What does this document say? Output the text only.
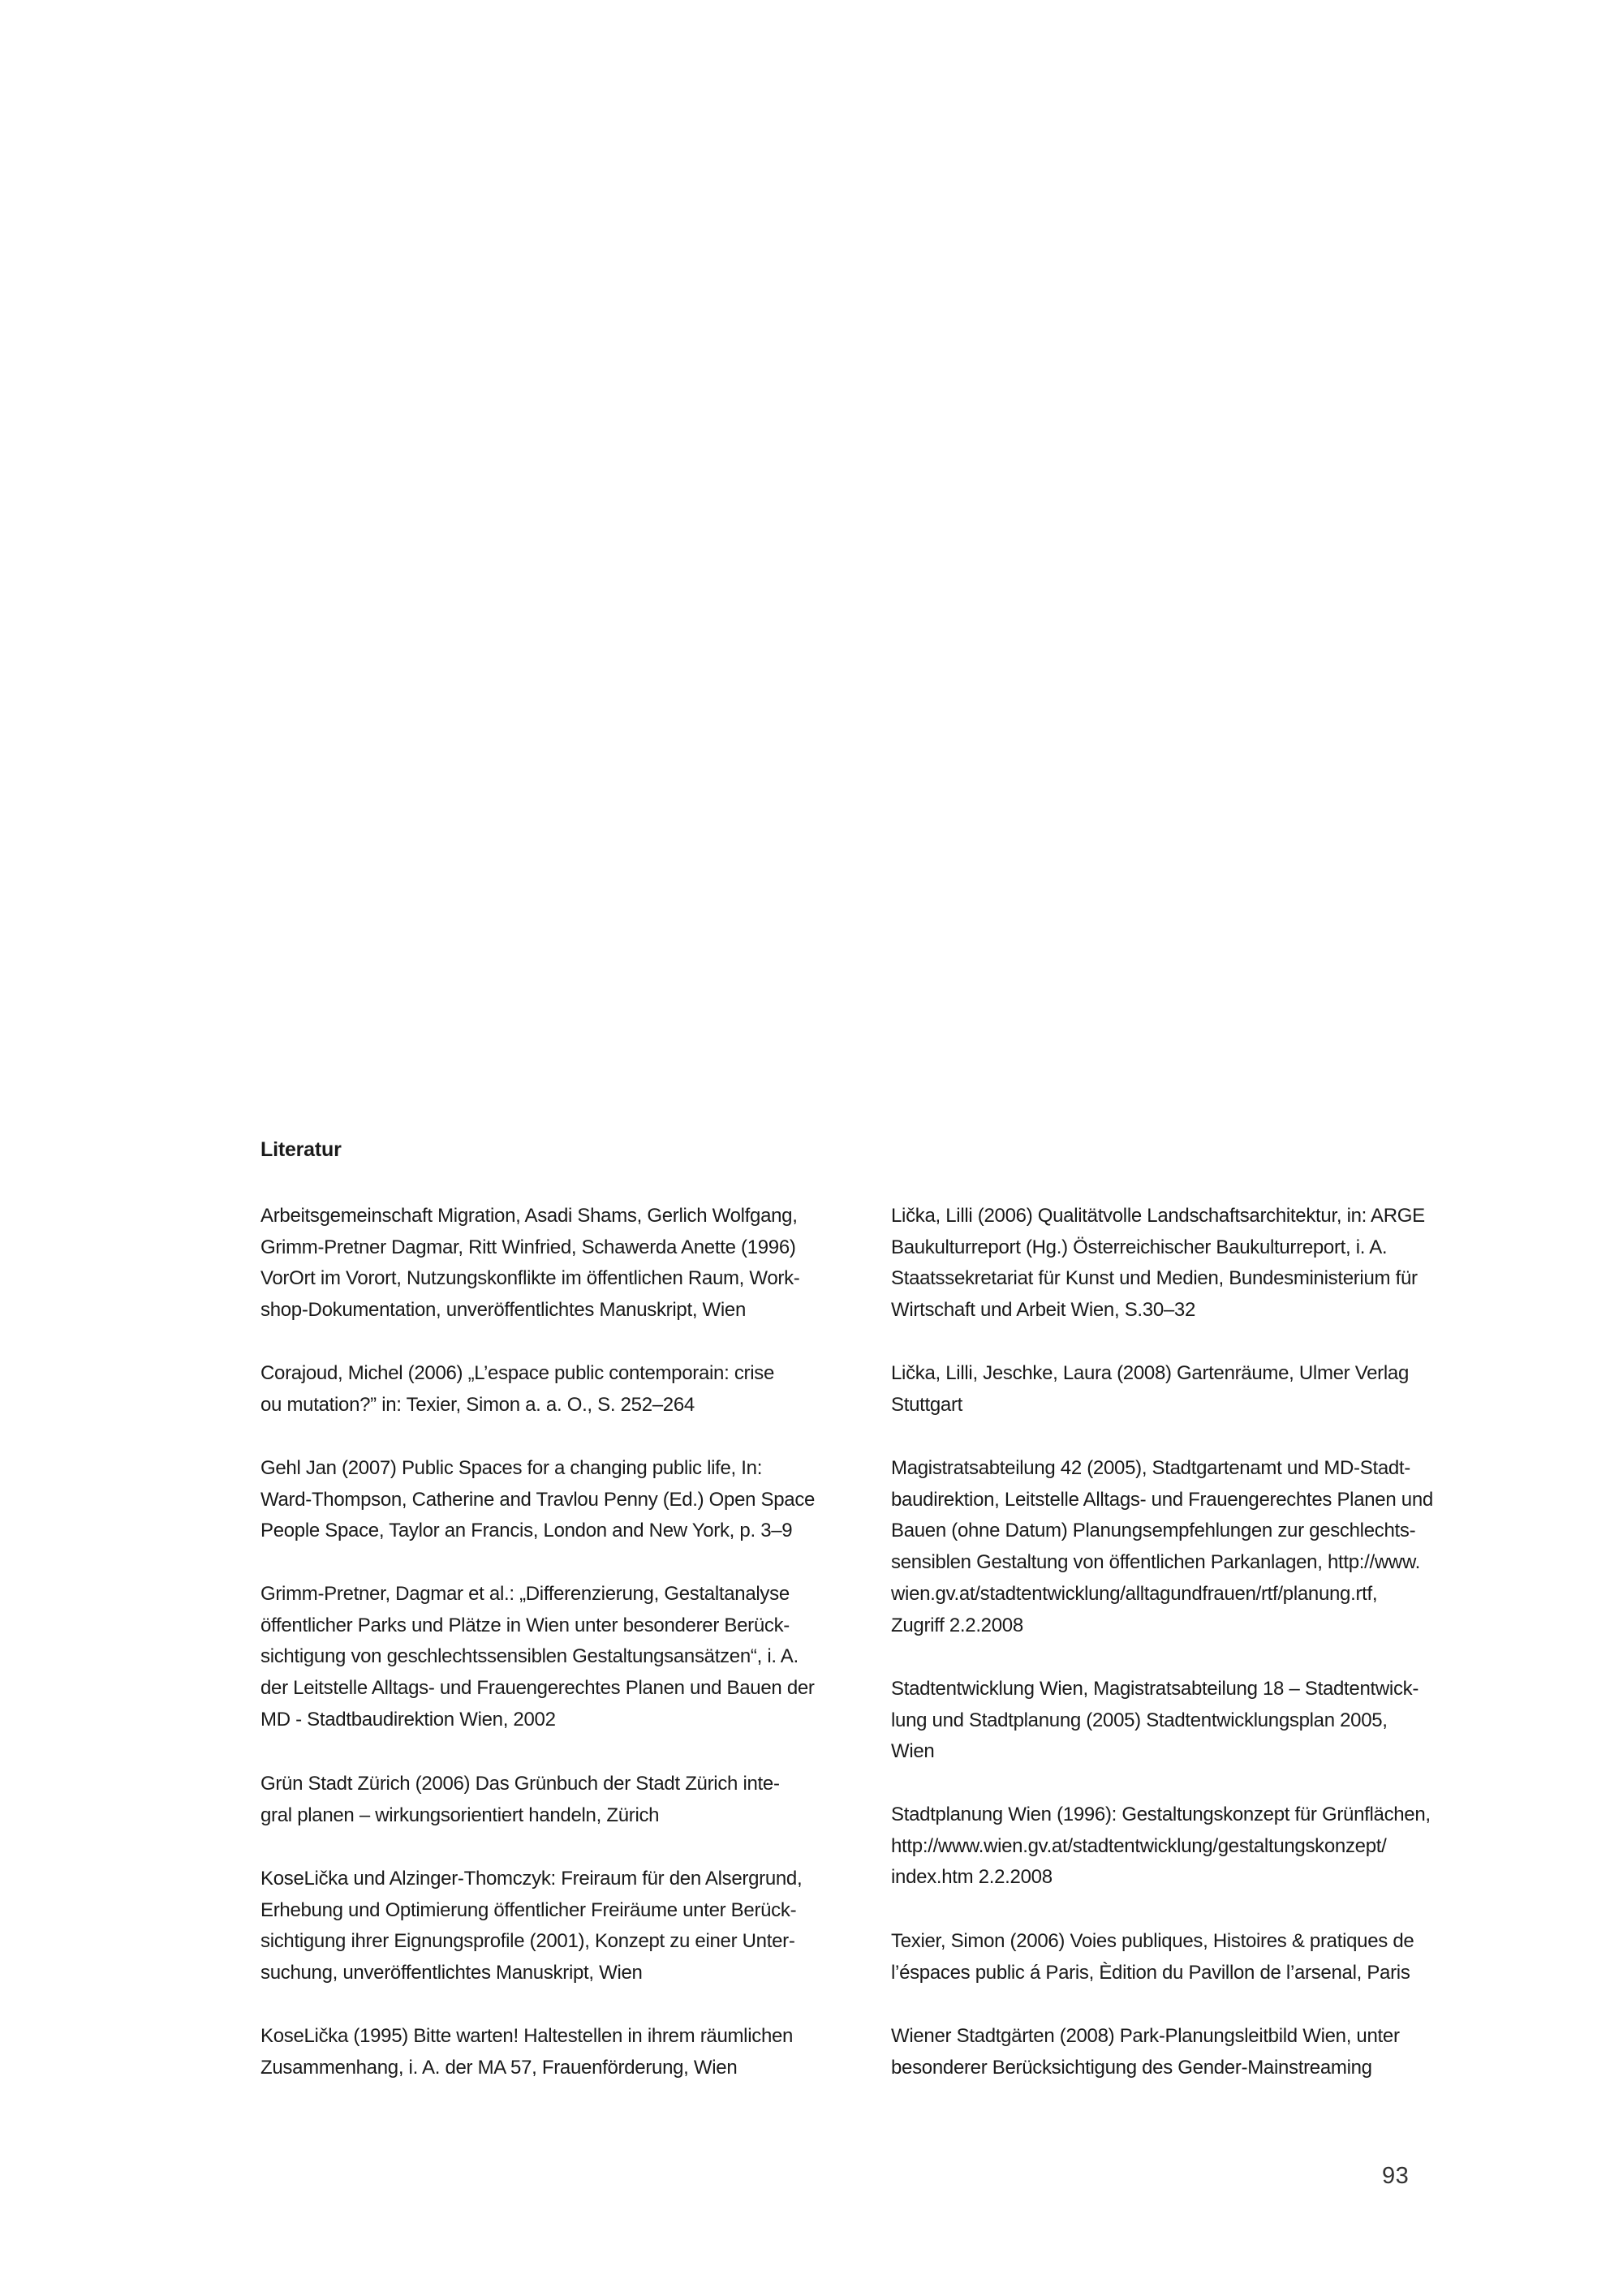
Literatur

Arbeitsgemeinschaft Migration, Asadi Shams, Gerlich Wolfgang,
Grimm-Pretner Dagmar, Ritt Winfried, Schawerda Anette (1996)
VorOrt im Vorort, Nutzungskonflikte im öffentlichen Raum, Work-
shop-Dokumentation, unveröffentlichtes Manuskript, Wien

Corajoud, Michel (2006) „L’espace public contemporain: crise
ou mutation?” in: Texier, Simon a. a. O., S. 252–264

Gehl Jan (2007) Public Spaces for a changing public life, In:
Ward-Thompson, Catherine and Travlou Penny (Ed.) Open Space
People Space, Taylor an Francis, London and New York, p. 3–9

Grimm-Pretner, Dagmar et al.: „Differenzierung, Gestaltanalyse
öffentlicher Parks und Plätze in Wien unter besonderer Berück-
sichtigung von geschlechtssensiblen Gestaltungsansätzen“, i. A.
der Leitstelle Alltags- und Frauengerechtes Planen und Bauen der
MD - Stadtbaudirektion Wien, 2002

Grün Stadt Zürich (2006) Das Grünbuch der Stadt Zürich inte-
gral planen – wirkungsorientiert handeln, Zürich

KoseLička und Alzinger-Thomczyk: Freiraum für den Alsergrund,
Erhebung und Optimierung öffentlicher Freiräume unter Berück-
sichtigung ihrer Eignungsprofile (2001), Konzept zu einer Unter-
suchung, unveröffentlichtes Manuskript, Wien

KoseLička (1995) Bitte warten! Haltestellen in ihrem räumlichen
Zusammenhang, i. A. der MA 57, Frauenförderung, Wien

Lička, Lilli (2006) Qualitätvolle Landschaftsarchitektur, in: ARGE
Baukulturreport (Hg.) Österreichischer Baukulturreport, i. A.
Staatssekretariat für Kunst und Medien, Bundesministerium für
Wirtschaft und Arbeit Wien, S.30–32

Lička, Lilli, Jeschke, Laura (2008) Gartenräume, Ulmer Verlag
Stuttgart

Magistratsabteilung 42 (2005), Stadtgartenamt und MD-Stadt-
baudirektion, Leitstelle Alltags- und Frauengerechtes Planen und
Bauen (ohne Datum) Planungsempfehlungen zur geschlechts-
sensiblen Gestaltung von öffentlichen Parkanlagen, http://www.
wien.gv.at/stadtentwicklung/alltagundfrauen/rtf/planung.rtf,
Zugriff 2.2.2008

Stadtentwicklung Wien, Magistratsabteilung 18 – Stadtentwick-
lung und Stadtplanung (2005) Stadtentwicklungsplan 2005,
Wien

Stadtplanung Wien (1996): Gestaltungskonzept für Grünflächen,
http://www.wien.gv.at/stadtentwicklung/gestaltungskonzept/
index.htm 2.2.2008

Texier, Simon (2006) Voies publiques, Histoires & pratiques de
l’éspaces public á Paris, Èdition du Pavillon de l’arsenal, Paris

Wiener Stadtgärten (2008) Park-Planungsleitbild Wien, unter
besonderer Berücksichtigung des Gender-Mainstreaming

93
